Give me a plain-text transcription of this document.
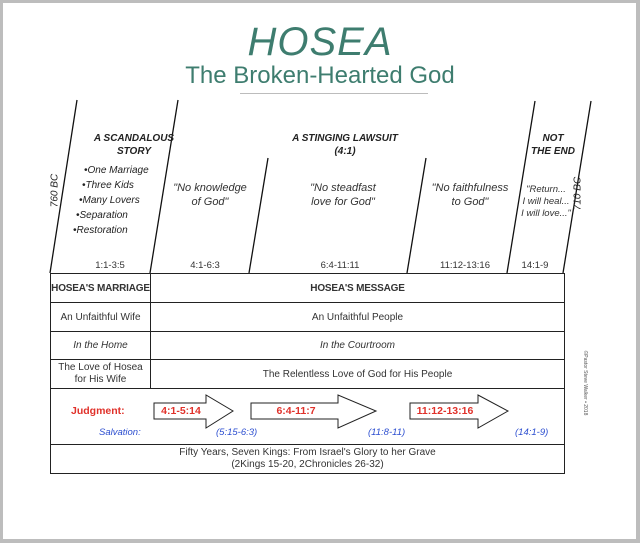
HOSEA
The Broken-Hearted God
760 BC	710 BC
A SCANDALOUS
STORY
•One Marriage
•Three Kids
•Many Lovers
•Separation
•Restoration
1:1-3:5
A STINGING LAWSUIT
(4:1)
"No knowledge
of God"
4:1-6:3
"No steadfast
love for God"
6:4-11:11
"No faithfulness
to God"
11:12-13:16
NOT
THE END
"Return...
I will heal...
I will love..."
14:1-9
HOSEA'S MARRIAGE	HOSEA'S MESSAGE
An Unfaithful Wife	An Unfaithful People
In the Home	In the Courtroom

The Love of Hosea
for His Wife	The Relentless Love of God for His People

Judgment:
Salvation:
4:1-5:14	6:4-11:7	11:12-13:16
(5:15-6:3)	(11:8-11)	(14:1-9)

Fifty Years, Seven Kings: From Israel's Glory to her Grave
(2Kings 15-20, 2Chronicles 26-32)	
©Pastor Steve Walker • 2018
